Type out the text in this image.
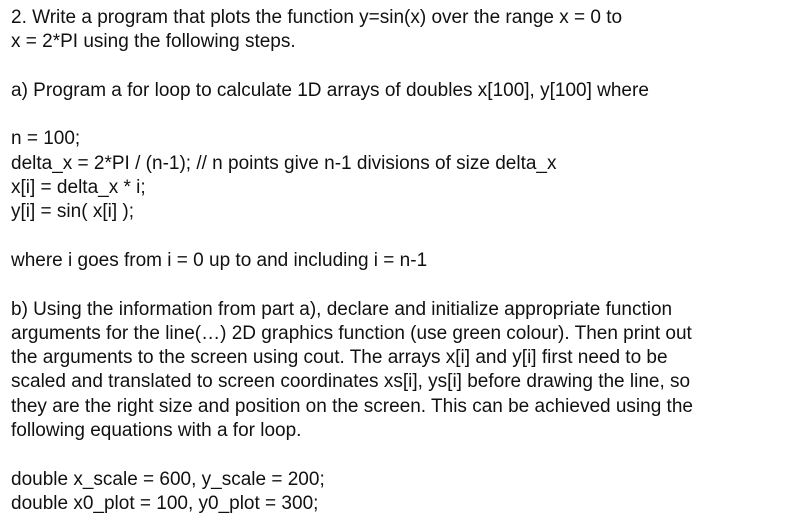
2. Write a program that plots the function y=sin(x) over the range x = 0 to
x = 2*PI using the following steps.
a) Program a for loop to calculate 1D arrays of doubles x[100], y[100] where
n = 100;
delta_x = 2*PI / (n-1); // n points give n-1 divisions of size delta_x
x[i] = delta_x * i;
y[i] = sin( x[i] );
where i goes from i = 0 up to and including i = n-1
b) Using the information from part a), declare and initialize appropriate function
arguments for the line(…) 2D graphics function (use green colour). Then print out
the arguments to the screen using cout. The arrays x[i] and y[i] first need to be
scaled and translated to screen coordinates xs[i], ys[i] before drawing the line, so
they are the right size and position on the screen. This can be achieved using the
following equations with a for loop.
double x_scale = 600, y_scale = 200;
double x0_plot = 100, y0_plot = 300;
